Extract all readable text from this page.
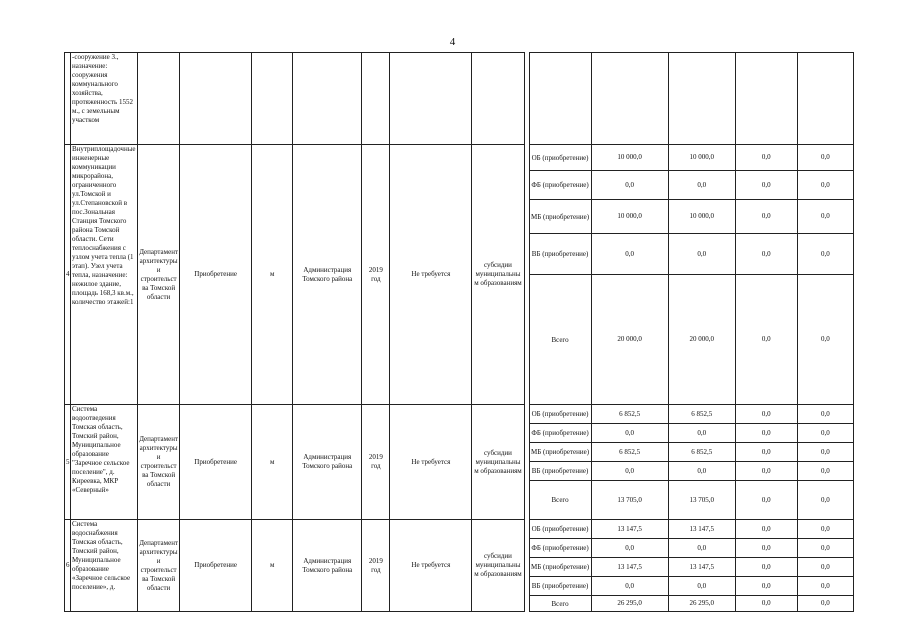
4
	-сооружение 3., назначение: сооружения коммунального хозяйства, протяженность 1552 м., с земельным участком													
4	Внутриплощадочные инженерные коммуникации микрорайона, ограниченного ул.Томской и ул.Степановской в пос.Зональная Станция Томского района Томской области. Сети теплоснабжения с узлом учета тепла (1 этап). Узел учета тепла, назначение: нежилое здание, площадь 168,3 кв.м., количество этажей:1	Департамент архитектуры и строительства Томской области	Приобретение	м	Администрация Томского района	2019 год	Не требуется	субсидии муниципальным образованиям		ОБ (приобретение)	10 000,0	10 000,0	0,0	0,0
										ФБ (приобретение)	0,0	0,0	0,0	0,0
										МБ (приобретение)	10 000,0	10 000,0	0,0	0,0
										ВБ (приобретение)	0,0	0,0	0,0	0,0
										Всего	20 000,0	20 000,0	0,0	0,0
5	Система водоотведения Томская область, Томский район, Муниципальное образование "Заречное сельское поселение", д. Киреевка, МКР «Северный»	Департамент архитектуры и строительства Томской области	Приобретение	м	Администрация Томского района	2019 год	Не требуется	субсидии муниципальным образованиям		ОБ (приобретение)	6 852,5	6 852,5	0,0	0,0
										ФБ (приобретение)	0,0	0,0	0,0	0,0
										МБ (приобретение)	6 852,5	6 852,5	0,0	0,0
										ВБ (приобретение)	0,0	0,0	0,0	0,0
										Всего	13 705,0	13 705,0	0,0	0,0
6	Система водоснабжения Томская область, Томский район, Муниципальное образование «Заречное сельское поселение», д.	Департамент архитектуры и строительства Томской области	Приобретение	м	Администрация Томского района	2019 год	Не требуется	субсидии муниципальным образованиям		ОБ (приобретение)	13 147,5	13 147,5	0,0	0,0
										ФБ (приобретение)	0,0	0,0	0,0	0,0
										МБ (приобретение)	13 147,5	13 147,5	0,0	0,0
										ВБ (приобретение)	0,0	0,0	0,0	0,0
										Всего	26 295,0	26 295,0	0,0	0,0
